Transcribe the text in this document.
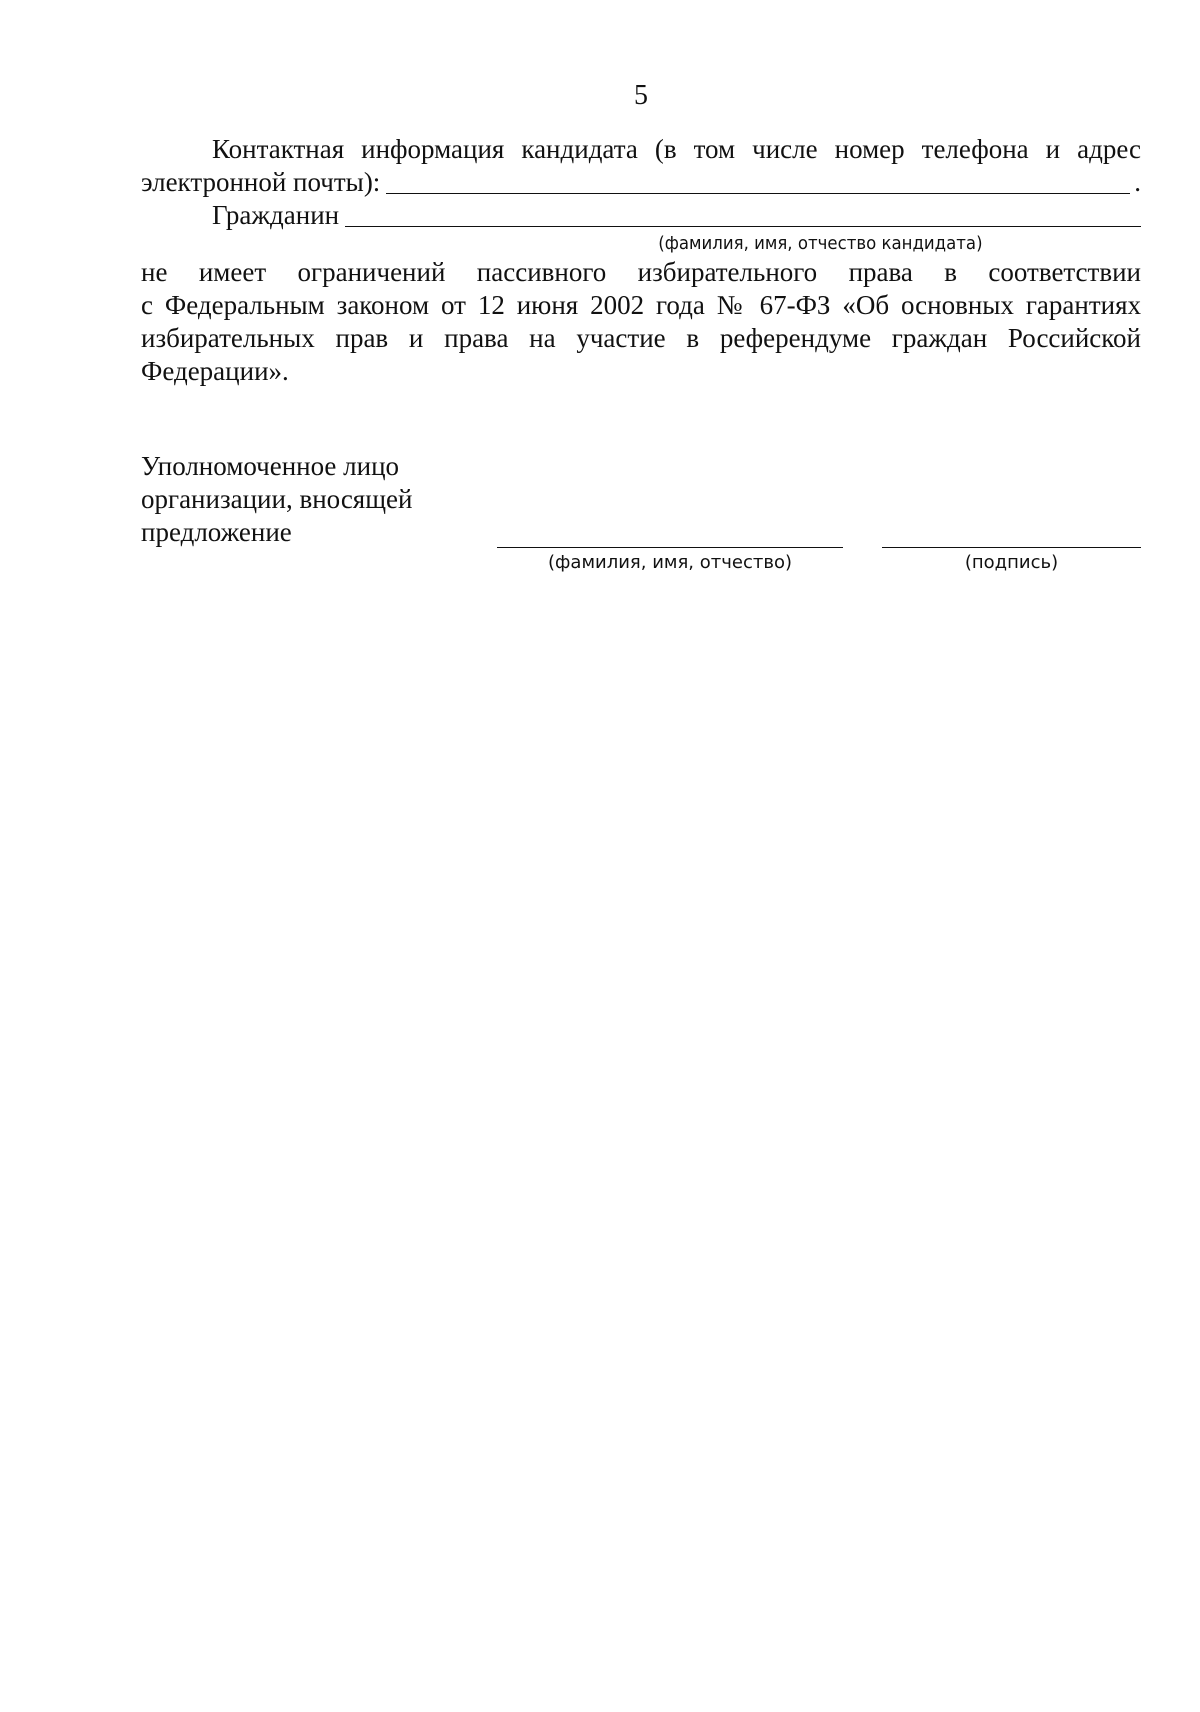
5
Контактная информация кандидата (в том числе номер телефона и адрес
электронной почты):	.
Гражданин
(фамилия, имя, отчество кандидата)
не имеет ограничений пассивного избирательного права в соответствии
с Федеральным законом от 12 июня 2002 года № 67-ФЗ «Об основных гарантиях
избирательных прав и права на участие в референдуме граждан Российской
Федерации».
Уполномоченное лицо
организации, вносящей
предложение
(фамилия, имя, отчество)	(подпись)
